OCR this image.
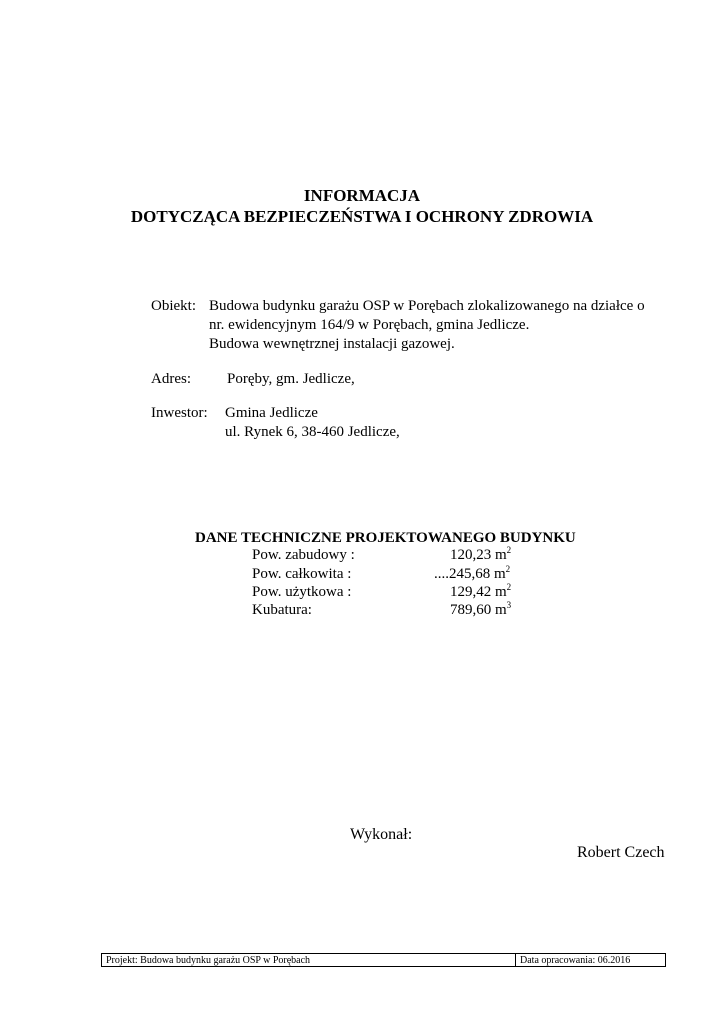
INFORMACJA
DOTYCZĄCA BEZPIECZEŃSTWA I OCHRONY ZDROWIA
Obiekt: Budowa budynku garażu OSP w Porębach zlokalizowanego na działce o
nr. ewidencyjnym 164/9 w Porębach, gmina Jedlicze.
Budowa wewnętrznej instalacji gazowej.
Adres: Poręby, gm. Jedlicze,
Inwestor: Gmina Jedlicze
ul. Rynek 6, 38-460 Jedlicze,
DANE TECHNICZNE PROJEKTOWANEGO BUDYNKU
Pow. zabudowy :	120,23 $m^2$
Pow. całkowita :	....245,68 $m^2$
Pow. użytkowa :	129,42 $m^2$
Kubatura:	789,60 $m^3$
Wykonał:
Robert Czech
Projekt: Budowa budynku garażu OSP w Porębach	Data opracowania: 06.2016
